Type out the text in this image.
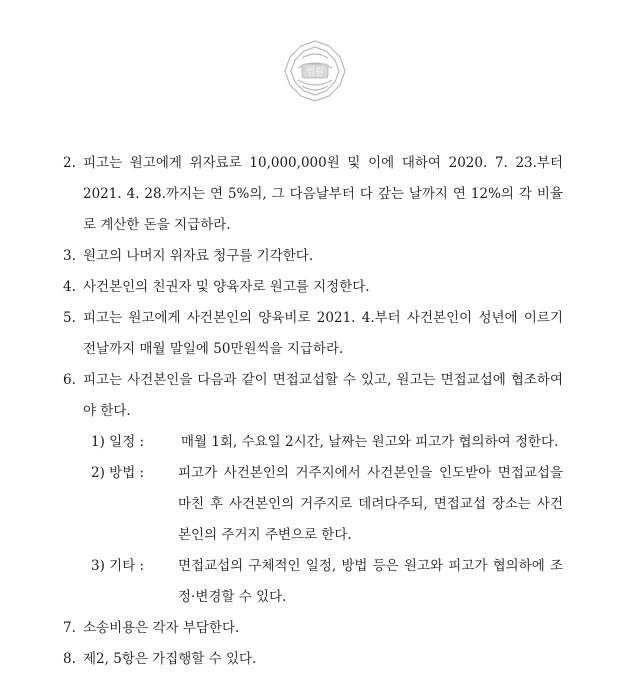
법원
2. 피고는 원고에게 위자료로 10,000,000원 및 이에 대하여 2020. 7. 23.부터 2021. 4. 28.까지는 연 5%의, 그 다음날부터 다 갚는 날까지 연 12%의 각 비율로 계산한 돈을 지급하라.
3. 원고의 나머지 위자료 청구를 기각한다.
4. 사건본인의 친권자 및 양육자로 원고를 지정한다.
5. 피고는 원고에게 사건본인의 양육비로 2021. 4.부터 사건본인이 성년에 이르기 전날까지 매월 말일에 50만원씩을 지급하라.
6. 피고는 사건본인을 다음과 같이 면접교섭할 수 있고, 원고는 면접교섭에 협조하여야 한다.
1) 일정 :	매월 1회, 수요일 2시간, 날짜는 원고와 피고가 협의하여 정한다.
2) 방법 :	피고가 사건본인의 거주지에서 사건본인을 인도받아 면접교섭을 마친 후 사건본인의 거주지로 데려다주되, 면접교섭 장소는 사건본인의 주거지 주변으로 한다.
3) 기타 :	면접교섭의 구체적인 일정, 방법 등은 원고와 피고가 협의하에 조정·변경할 수 있다.
7. 소송비용은 각자 부담한다.
8. 제2, 5항은 가집행할 수 있다.
